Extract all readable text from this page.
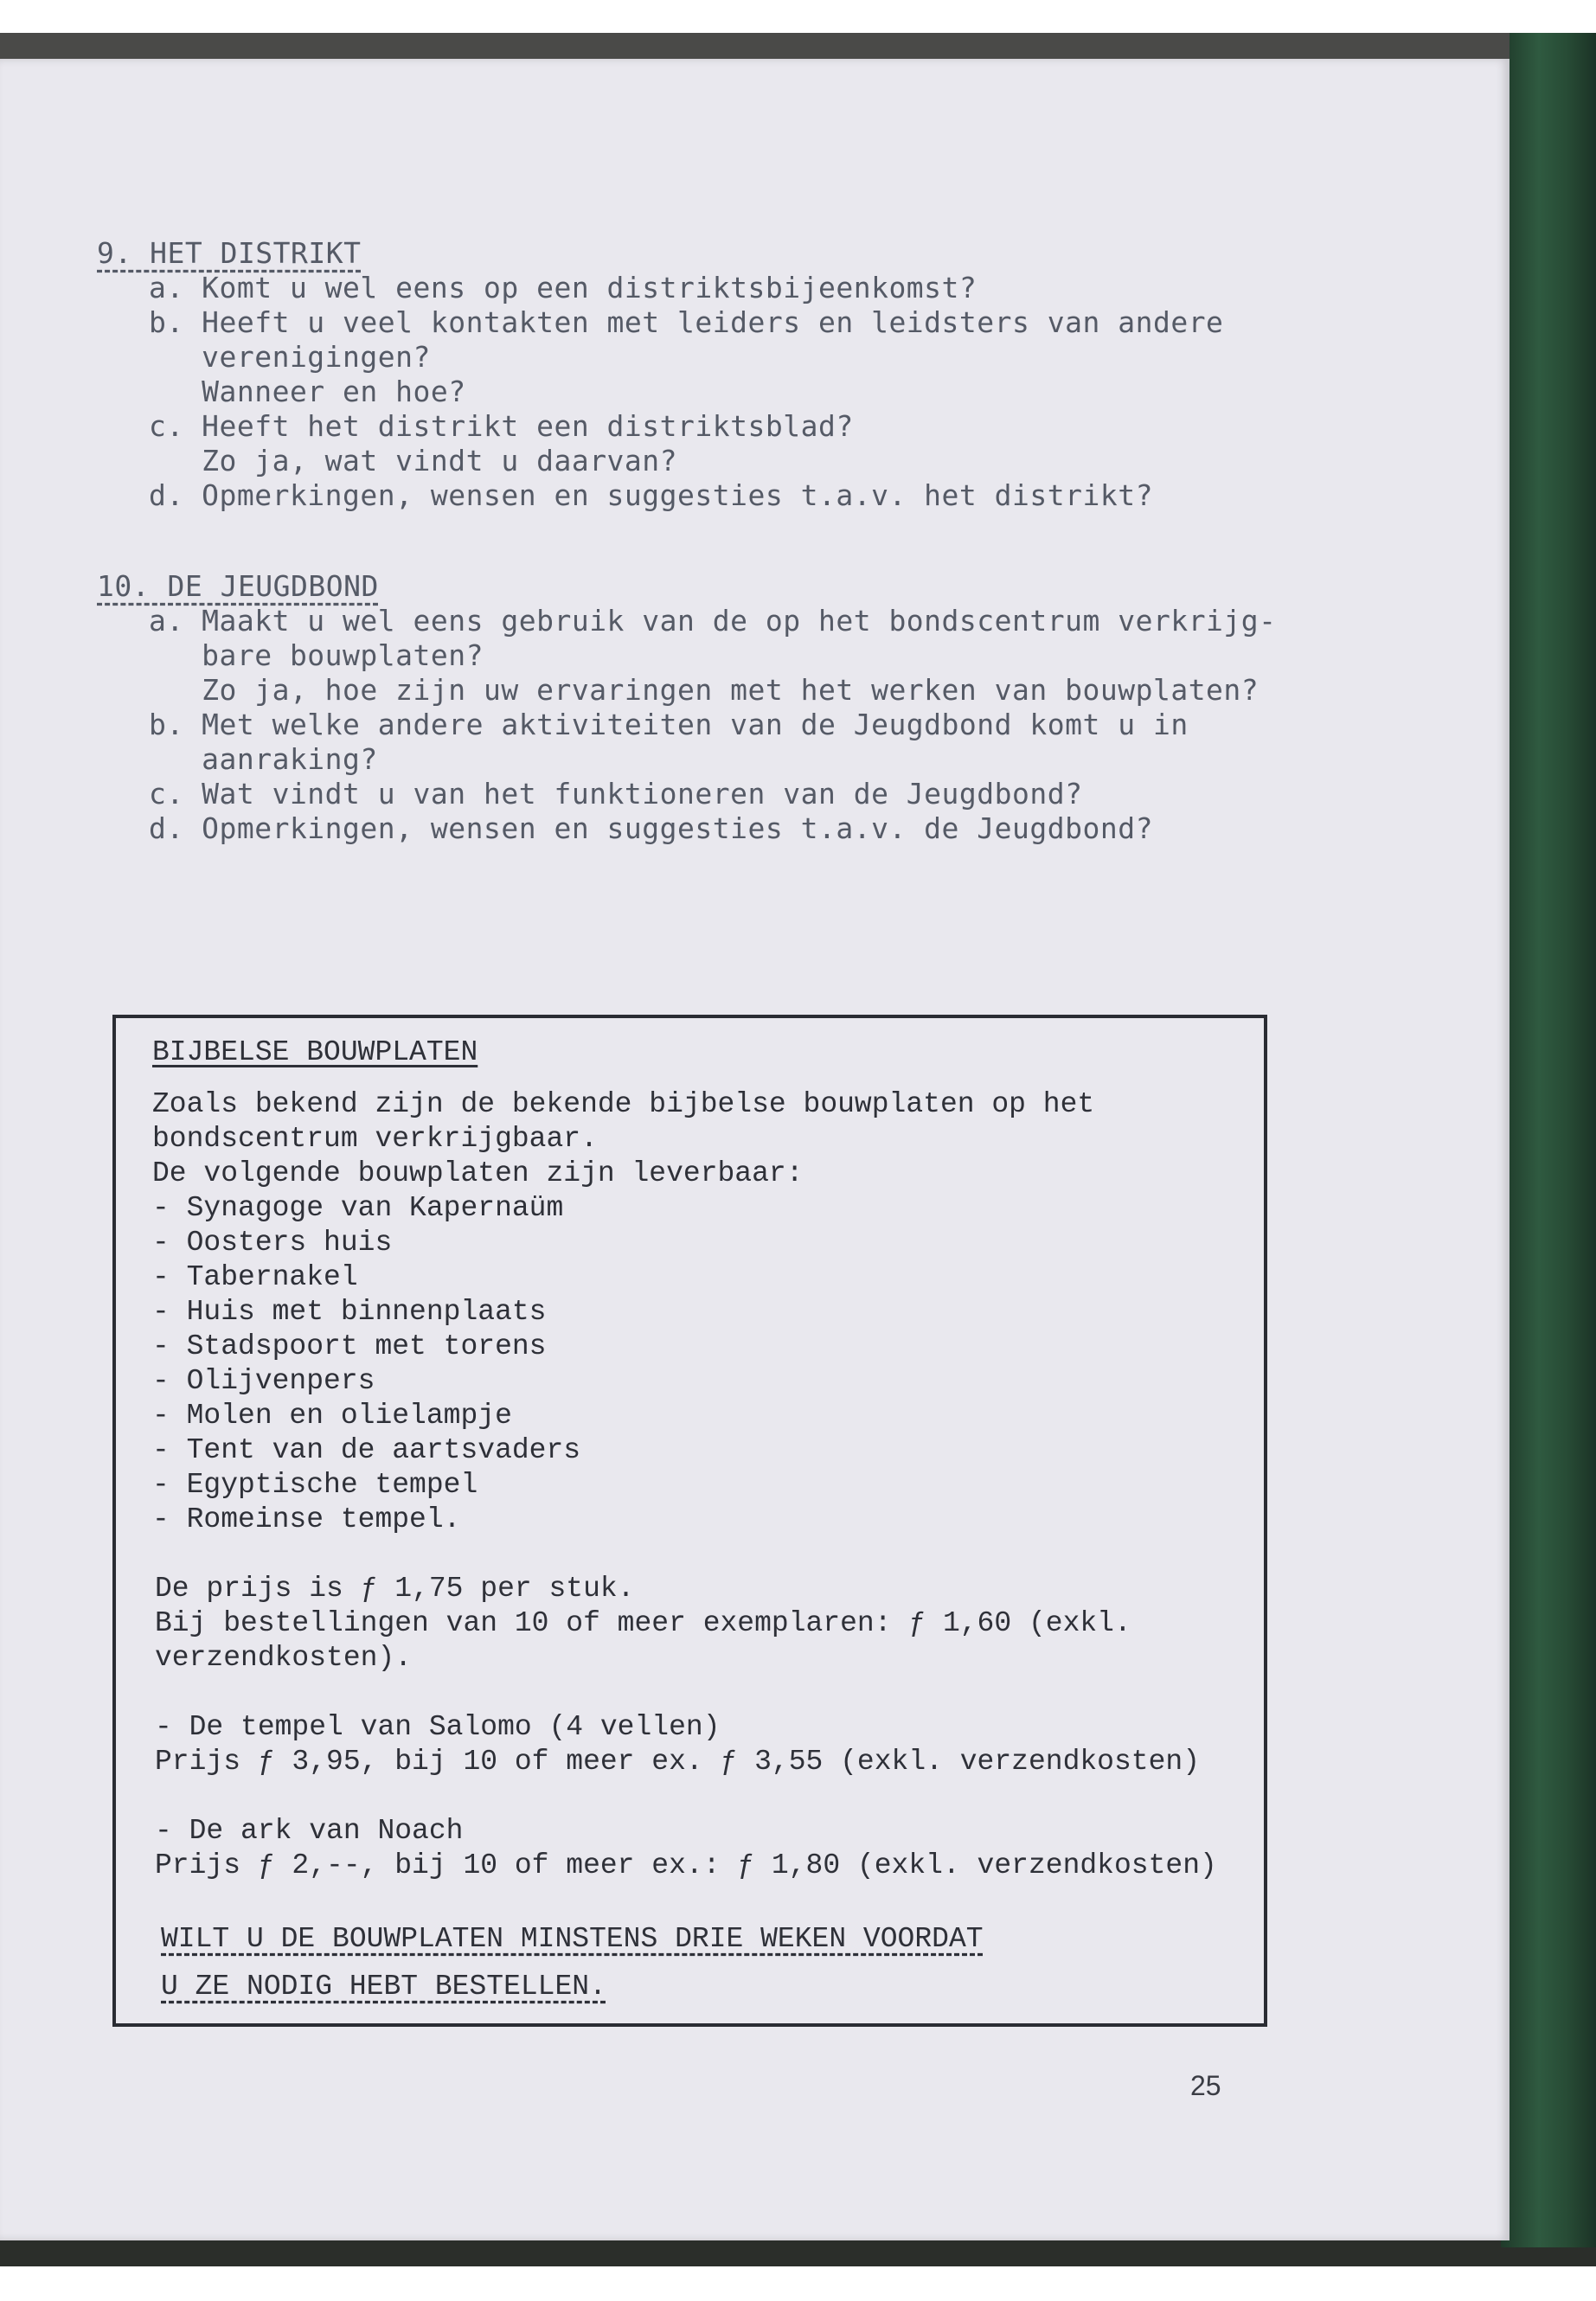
9. HET DISTRIKT
a. Komt u wel eens op een distriktsbijeenkomst?
b. Heeft u veel kontakten met leiders en leidsters van andere
verenigingen?
Wanneer en hoe?
c. Heeft het distrikt een distriktsblad?
Zo ja, wat vindt u daarvan?
d. Opmerkingen, wensen en suggesties t.a.v. het distrikt?
10. DE JEUGDBOND
a. Maakt u wel eens gebruik van de op het bondscentrum verkrijg-
bare bouwplaten?
Zo ja, hoe zijn uw ervaringen met het werken van bouwplaten?
b. Met welke andere aktiviteiten van de Jeugdbond komt u in
aanraking?
c. Wat vindt u van het funktioneren van de Jeugdbond?
d. Opmerkingen, wensen en suggesties t.a.v. de Jeugdbond?
BIJBELSE BOUWPLATEN
Zoals bekend zijn de bekende bijbelse bouwplaten op het
bondscentrum verkrijgbaar.
De volgende bouwplaten zijn leverbaar:
- Synagoge van Kapernaüm
- Oosters huis
- Tabernakel
- Huis met binnenplaats
- Stadspoort met torens
- Olijvenpers
- Molen en olielampje
- Tent van de aartsvaders
- Egyptische tempel
- Romeinse tempel.
De prijs is ƒ 1,75 per stuk.
Bij bestellingen van 10 of meer exemplaren: ƒ 1,60 (exkl.
verzendkosten).
- De tempel van Salomo (4 vellen)
Prijs ƒ 3,95, bij 10 of meer ex. ƒ 3,55 (exkl. verzendkosten)
- De ark van Noach
Prijs ƒ 2,--, bij 10 of meer ex.: ƒ 1,80 (exkl. verzendkosten)
WILT U DE BOUWPLATEN MINSTENS DRIE WEKEN VOORDAT
U ZE NODIG HEBT BESTELLEN.
25
